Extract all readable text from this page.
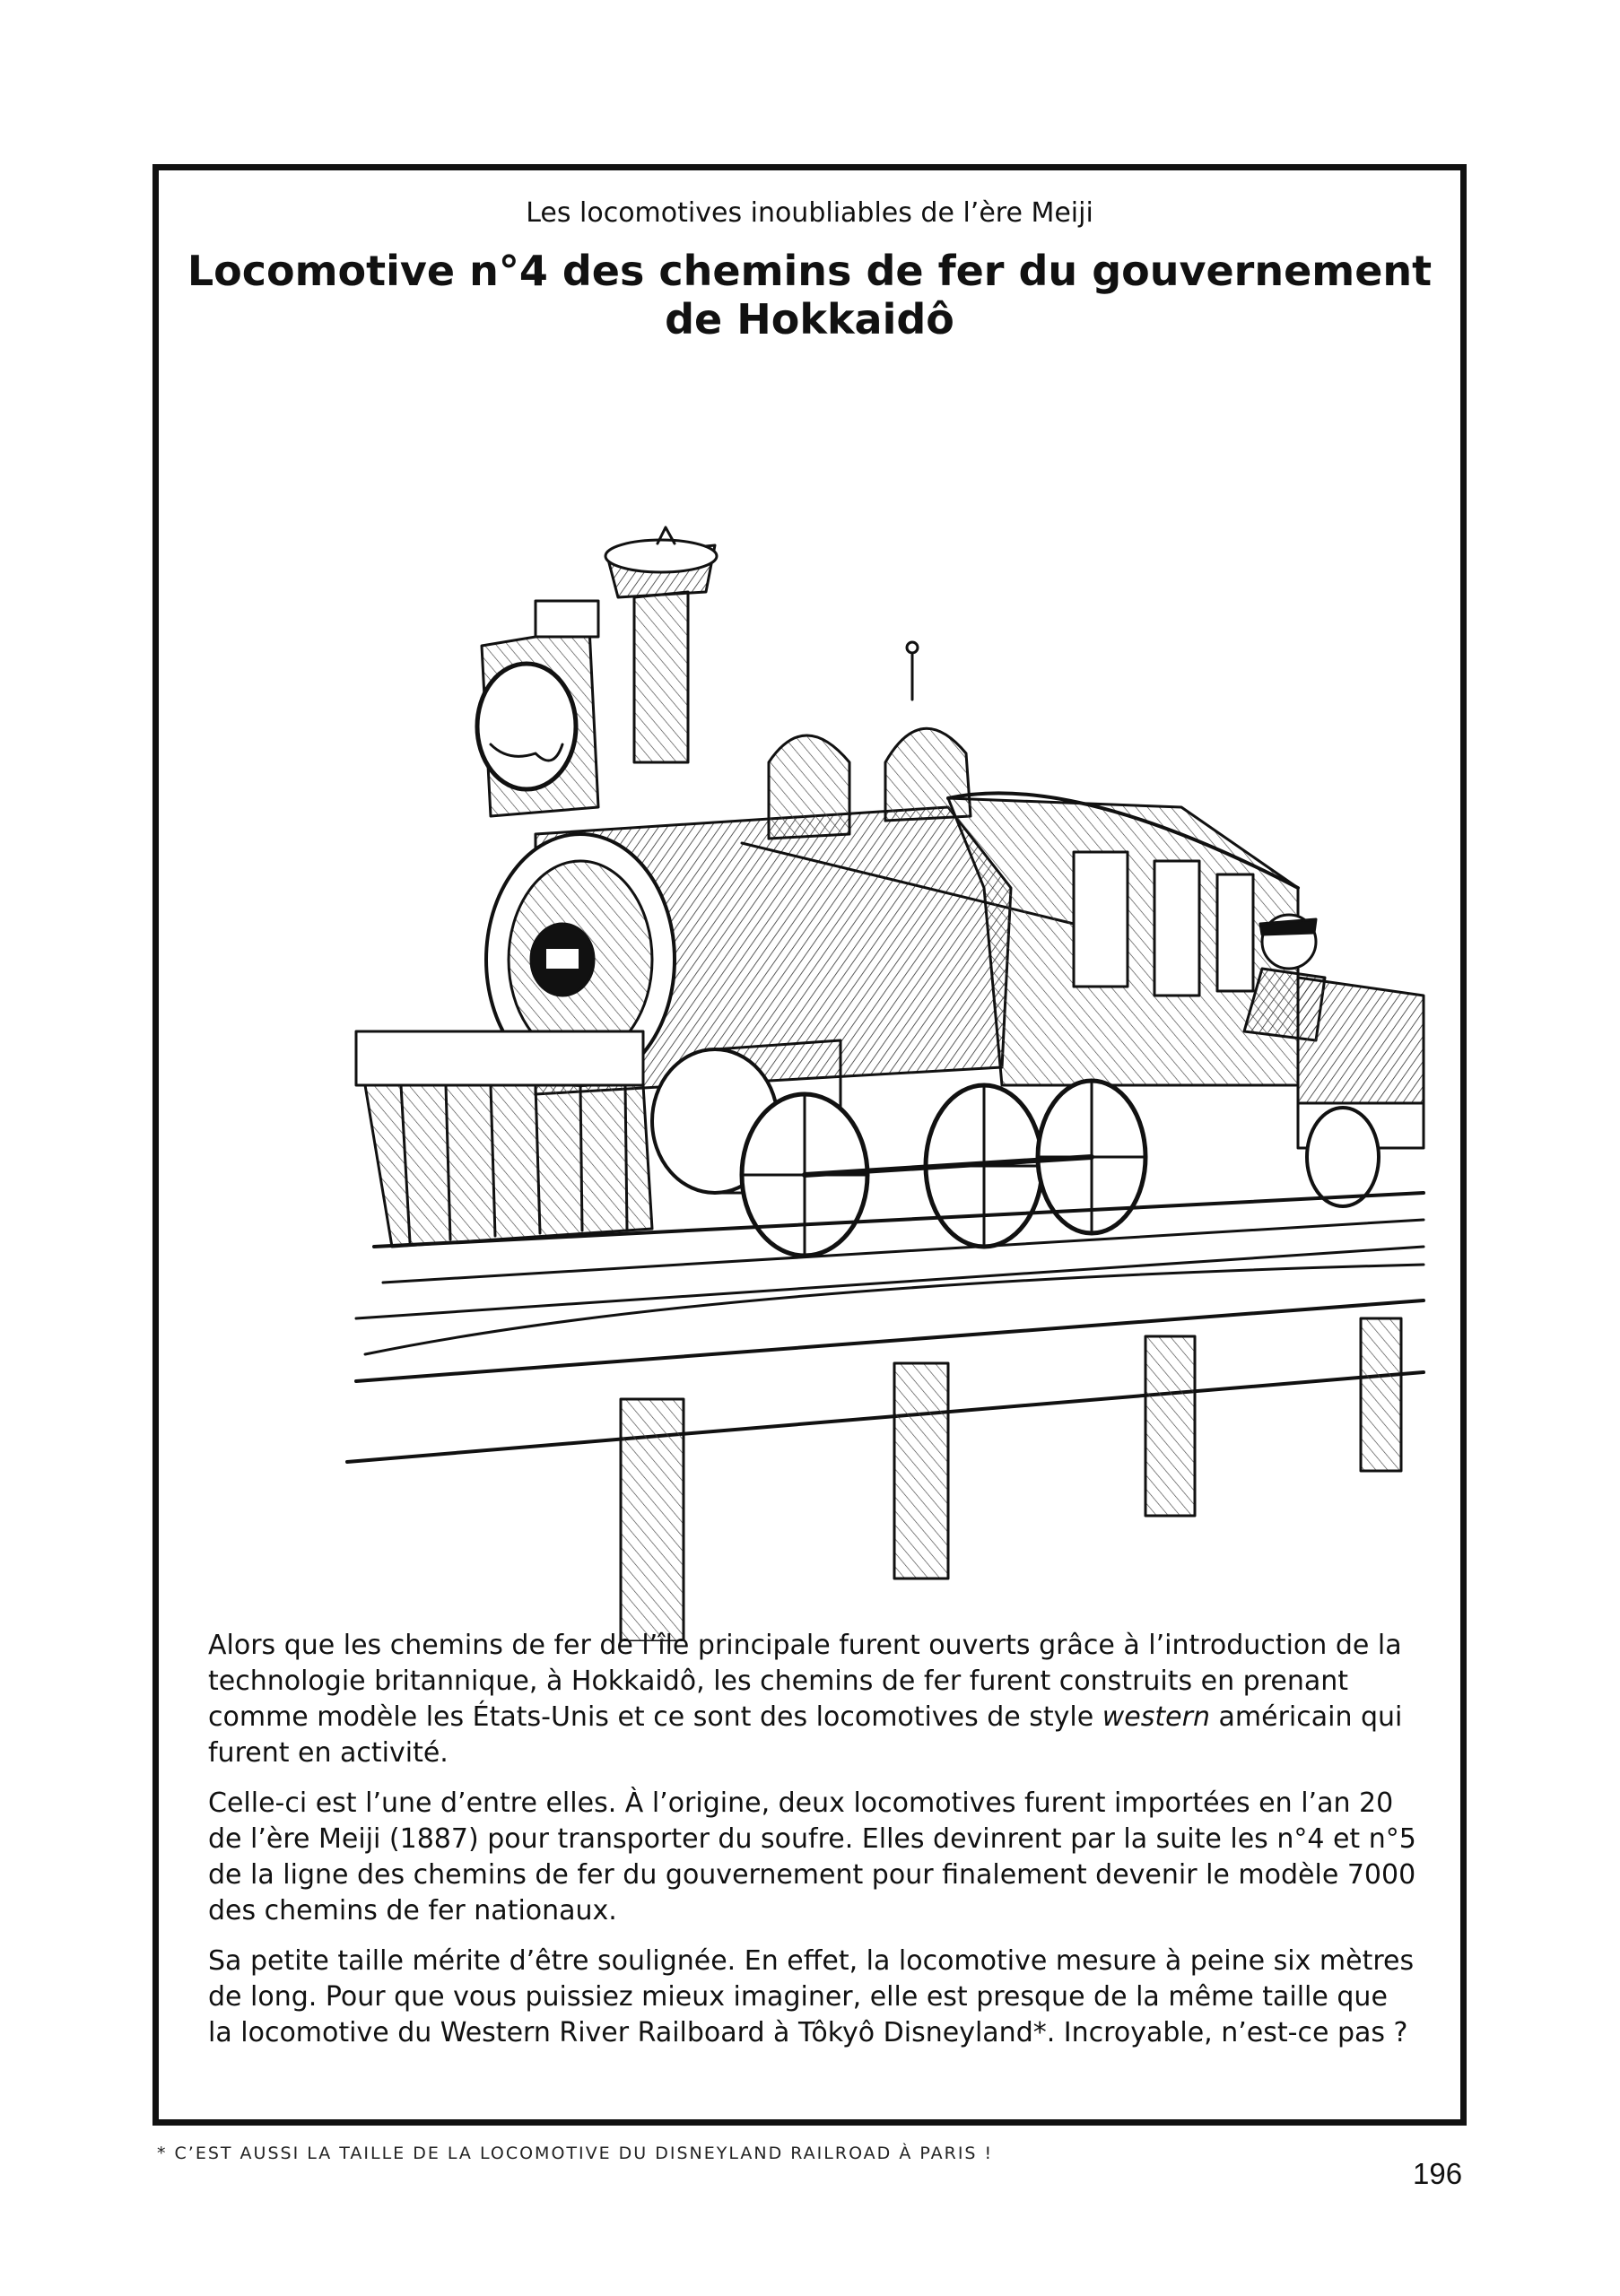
Les locomotives inoubliables de l’ère Meiji
Locomotive n°4 des chemins de fer du gouvernement de Hokkaidô

Alors que les chemins de fer de l’île principale furent ouverts grâce à l’introduction de la technologie britannique, à Hokkaidô, les chemins de fer furent construits en prenant comme modèle les États-Unis et ce sont des locomotives de style western américain qui furent en activité.

Celle-ci est l’une d’entre elles. À l’origine, deux locomotives furent importées en l’an 20 de l’ère Meiji (1887) pour transporter du soufre. Elles devinrent par la suite les n°4 et n°5 de la ligne des chemins de fer du gouvernement pour finalement devenir le modèle 7000 des chemins de fer nationaux.

Sa petite taille mérite d’être soulignée. En effet, la locomotive mesure à peine six mètres de long. Pour que vous puissiez mieux imaginer, elle est presque de la même taille que la locomotive du Western River Railboard à Tôkyô Disneyland*. Incroyable, n’est-ce pas ?

* C’EST AUSSI LA TAILLE DE LA LOCOMOTIVE DU DISNEYLAND RAILROAD À PARIS !
196
